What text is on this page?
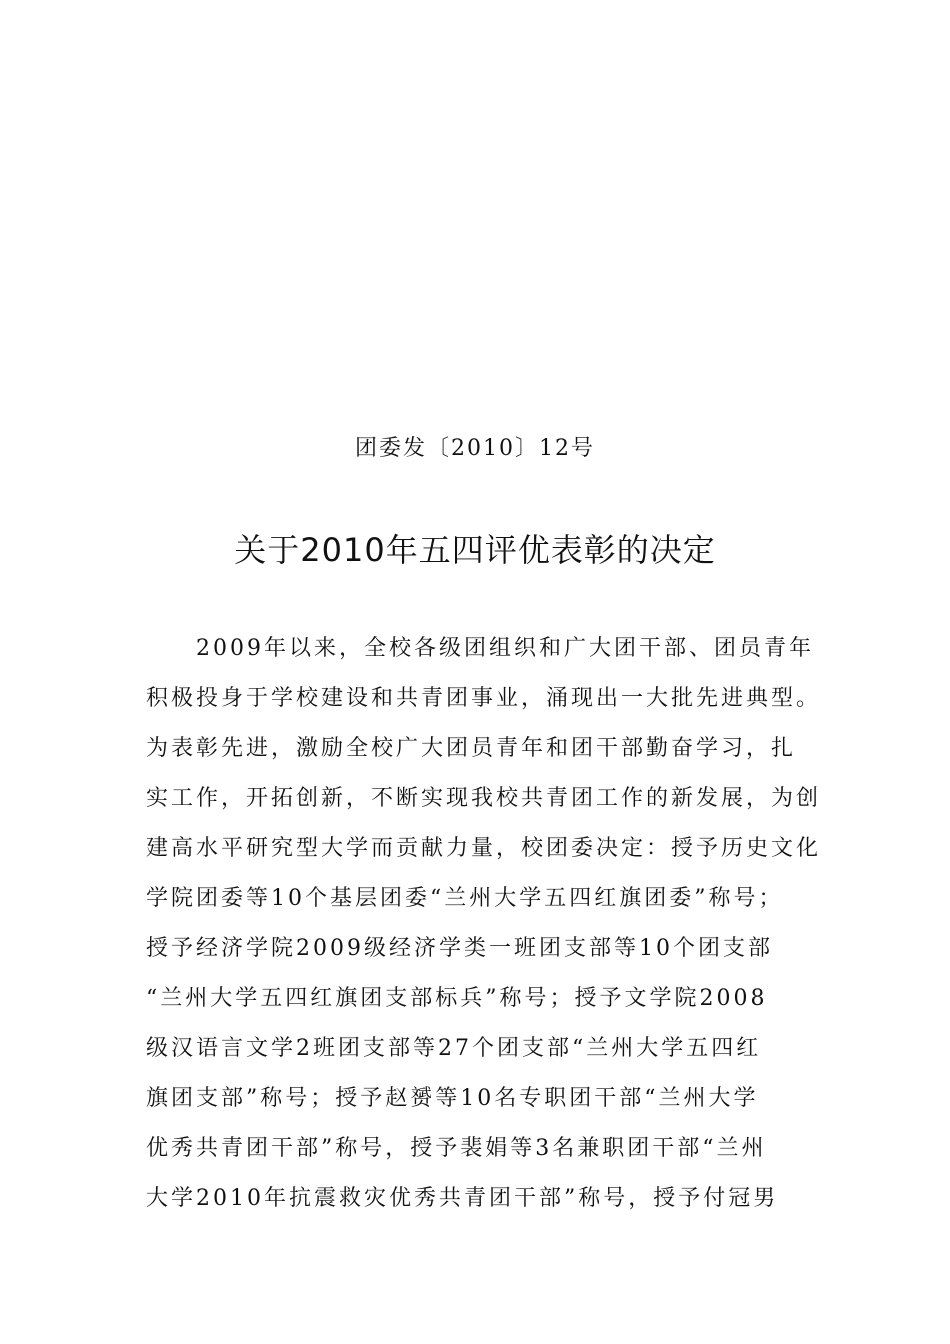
团委发〔2010〕12号
关于2010年五四评优表彰的决定
2009年以来，全校各级团组织和广大团干部、团员青年
积极投身于学校建设和共青团事业，涌现出一大批先进典型。
为表彰先进，激励全校广大团员青年和团干部勤奋学习，扎
实工作，开拓创新，不断实现我校共青团工作的新发展，为创
建高水平研究型大学而贡献力量，校团委决定：授予历史文化
学院团委等10个基层团委“兰州大学五四红旗团委”称号；
授予经济学院2009级经济学类一班团支部等10个团支部
“兰州大学五四红旗团支部标兵”称号；授予文学院2008
级汉语言文学2班团支部等27个团支部“兰州大学五四红
旗团支部”称号；授予赵赟等10名专职团干部“兰州大学
优秀共青团干部”称号，授予裴娟等3名兼职团干部“兰州
大学2010年抗震救灾优秀共青团干部”称号，授予付冠男
